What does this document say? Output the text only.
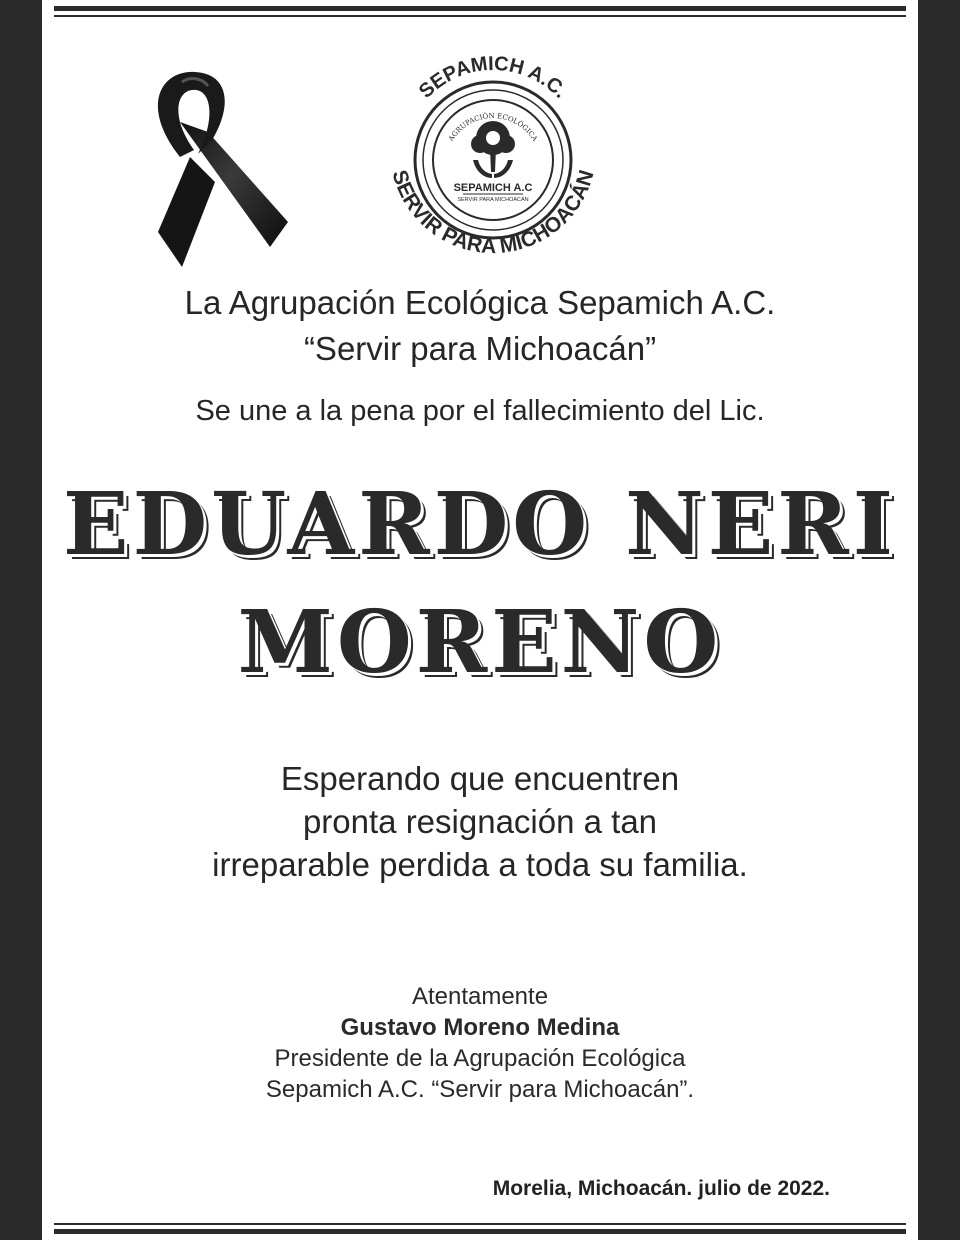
SEPAMICH A.C.
SERVIR PARA MICHOACÁN
AGRUPACIÓN ECOLÓGICA
SEPAMICH A.C
SERVIR PARA MICHOACÁN
La Agrupación Ecológica Sepamich A.C.
“Servir para Michoacán”
Se une a la pena por el fallecimiento del Lic.
EDUARDO NERI
MORENO
Esperando que encuentren
pronta resignación a tan
irreparable perdida a toda su familia.
Atentamente
Gustavo Moreno Medina
Presidente de la Agrupación Ecológica
Sepamich A.C. “Servir para Michoacán”.
Morelia, Michoacán. julio de 2022.
